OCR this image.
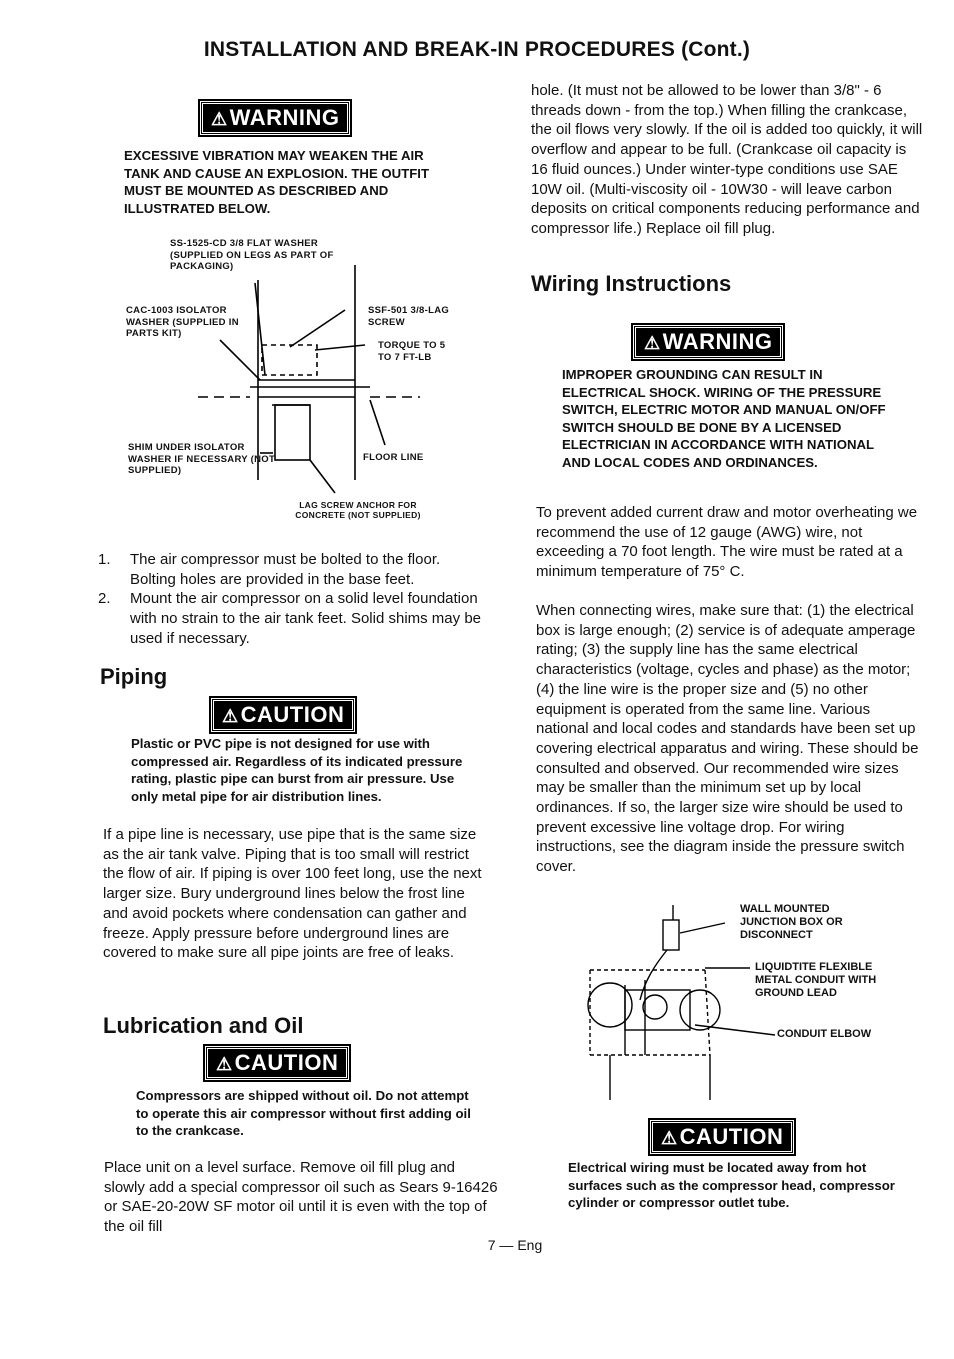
INSTALLATION AND BREAK-IN PROCEDURES (Cont.)
⚠WARNING
EXCESSIVE VIBRATION MAY WEAKEN THE AIR TANK AND CAUSE AN EXPLOSION. THE OUTFIT MUST BE MOUNTED AS DESCRIBED AND ILLUSTRATED BELOW.
SS-1525-CD 3/8 FLAT WASHER (SUPPLIED ON LEGS AS PART OF PACKAGING)
CAC-1003 ISOLATOR WASHER (SUPPLIED IN PARTS KIT)
SSF-501 3/8-LAG SCREW
TORQUE TO 5 TO 7 FT-LB
SHIM UNDER ISOLATOR WASHER IF NECESSARY (NOT SUPPLIED)
FLOOR LINE
LAG SCREW ANCHOR FOR CONCRETE (NOT SUPPLIED)
1. The air compressor must be bolted to the floor. Bolting holes are provided in the base feet.
2. Mount the air compressor on a solid level foundation with no strain to the air tank feet. Solid shims may be used if necessary.
Piping
⚠CAUTION
Plastic or PVC pipe is not designed for use with compressed air. Regardless of its indicated pressure rating, plastic pipe can burst from air pressure. Use only metal pipe for air distribution lines.
If a pipe line is necessary, use pipe that is the same size as the air tank valve. Piping that is too small will restrict the flow of air. If piping is over 100 feet long, use the next larger size. Bury underground lines below the frost line and avoid pockets where condensation can gather and freeze. Apply pressure before underground lines are covered to make sure all pipe joints are free of leaks.
Lubrication and Oil
⚠CAUTION
Compressors are shipped without oil. Do not attempt to operate this air compressor without first adding oil to the crankcase.
Place unit on a level surface. Remove oil fill plug and slowly add a special compressor oil such as Sears 9-16426 or SAE-20-20W SF motor oil until it is even with the top of the oil fill
hole. (It must not be allowed to be lower than 3/8" - 6 threads down - from the top.) When filling the crankcase, the oil flows very slowly. If the oil is added too quickly, it will overflow and appear to be full. (Crankcase oil capacity is 16 fluid ounces.) Under winter-type conditions use SAE 10W oil. (Multi-viscosity oil - 10W30 - will leave carbon deposits on critical components reducing performance and compressor life.) Replace oil fill plug.
Wiring Instructions
⚠WARNING
IMPROPER GROUNDING CAN RESULT IN ELECTRICAL SHOCK. WIRING OF THE PRESSURE SWITCH, ELECTRIC MOTOR AND MANUAL ON/OFF SWITCH SHOULD BE DONE BY A LICENSED ELECTRICIAN IN ACCORDANCE WITH NATIONAL AND LOCAL CODES AND ORDINANCES.
To prevent added current draw and motor overheating we recommend the use of 12 gauge (AWG) wire, not exceeding a 70 foot length. The wire must be rated at a minimum temperature of 75° C.
When connecting wires, make sure that: (1) the electrical box is large enough; (2) service is of adequate amperage rating; (3) the supply line has the same electrical characteristics (voltage, cycles and phase) as the motor; (4) the line wire is the proper size and (5) no other equipment is operated from the same line. Various national and local codes and standards have been set up covering electrical apparatus and wiring. These should be consulted and observed. Our recommended wire sizes may be smaller than the minimum set up by local ordinances. If so, the larger size wire should be used to prevent excessive line voltage drop. For wiring instructions, see the diagram inside the pressure switch cover.
WALL MOUNTED JUNCTION BOX OR DISCONNECT
LIQUIDTITE FLEXIBLE METAL CONDUIT WITH GROUND LEAD
CONDUIT ELBOW
⚠CAUTION
Electrical wiring must be located away from hot surfaces such as the compressor head, compressor cylinder or compressor outlet tube.
7 — Eng
